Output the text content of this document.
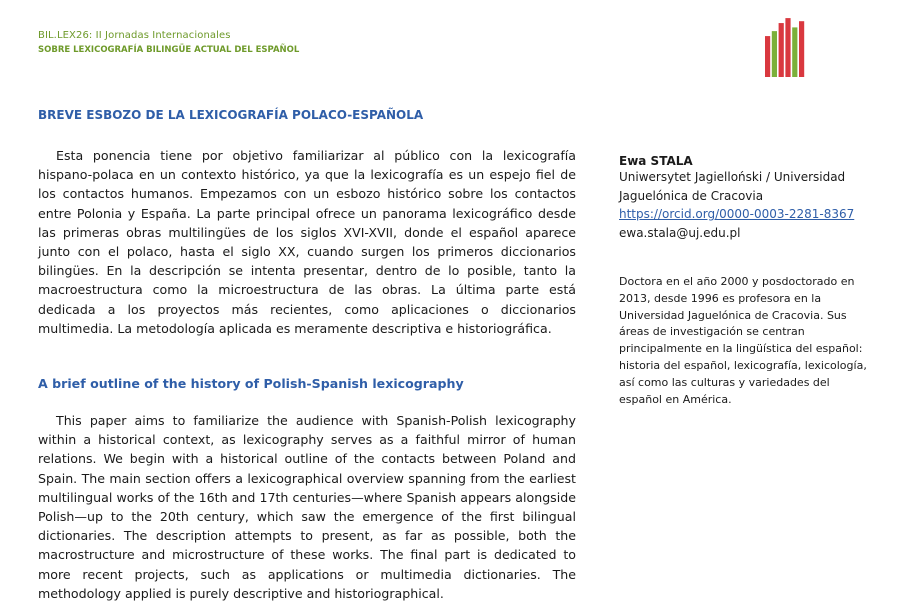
BIL.LEX26: II Jornadas Internacionales
SOBRE LEXICOGRAFÍA BILINGÜE ACTUAL DEL ESPAÑOL
BREVE ESBOZO DE LA LEXICOGRAFÍA POLACO-ESPAÑOLA

Esta ponencia tiene por objetivo familiarizar al público con la lexicografía hispano-polaca en un contexto histórico, ya que la lexicografía es un espejo fiel de los contactos humanos. Empezamos con un esbozo histórico sobre los contactos entre Polonia y España. La parte principal ofrece un panorama lexicográfico desde las primeras obras multilingües de los siglos XVI-XVII, donde el español aparece junto con el polaco, hasta el siglo XX, cuando surgen los primeros diccionarios bilingües. En la descripción se intenta presentar, dentro de lo posible, tanto la macroestructura como la microestructura de las obras. La última parte está dedicada a los proyectos más recientes, como aplicaciones o diccionarios multimedia. La metodología aplicada es meramente descriptiva e historiográfica.

A brief outline of the history of Polish-Spanish lexicography

This paper aims to familiarize the audience with Spanish-Polish lexicography within a historical context, as lexicography serves as a faithful mirror of human relations. We begin with a historical outline of the contacts between Poland and Spain. The main section offers a lexicographical overview spanning from the earliest multilingual works of the 16th and 17th centuries—where Spanish appears alongside Polish—up to the 20th century, which saw the emergence of the first bilingual dictionaries. The description attempts to present, as far as possible, both the macrostructure and microstructure of these works. The final part is dedicated to more recent projects, such as applications or multimedia dictionaries. The methodology applied is purely descriptive and historiographical.

Ewa STALA
Uniwersytet Jagielloński / Universidad
Jaguelónica de Cracovia
https://orcid.org/0000-0003-2281-8367
ewa.stala@uj.edu.pl
Doctora en el año 2000 y posdoctorado en 2013, desde 1996 es profesora en la Universidad Jaguelónica de Cracovia. Sus áreas de investigación se centran principalmente en la lingüística del español: historia del español, lexicografía, lexicología, así como las culturas y variedades del español en América.
